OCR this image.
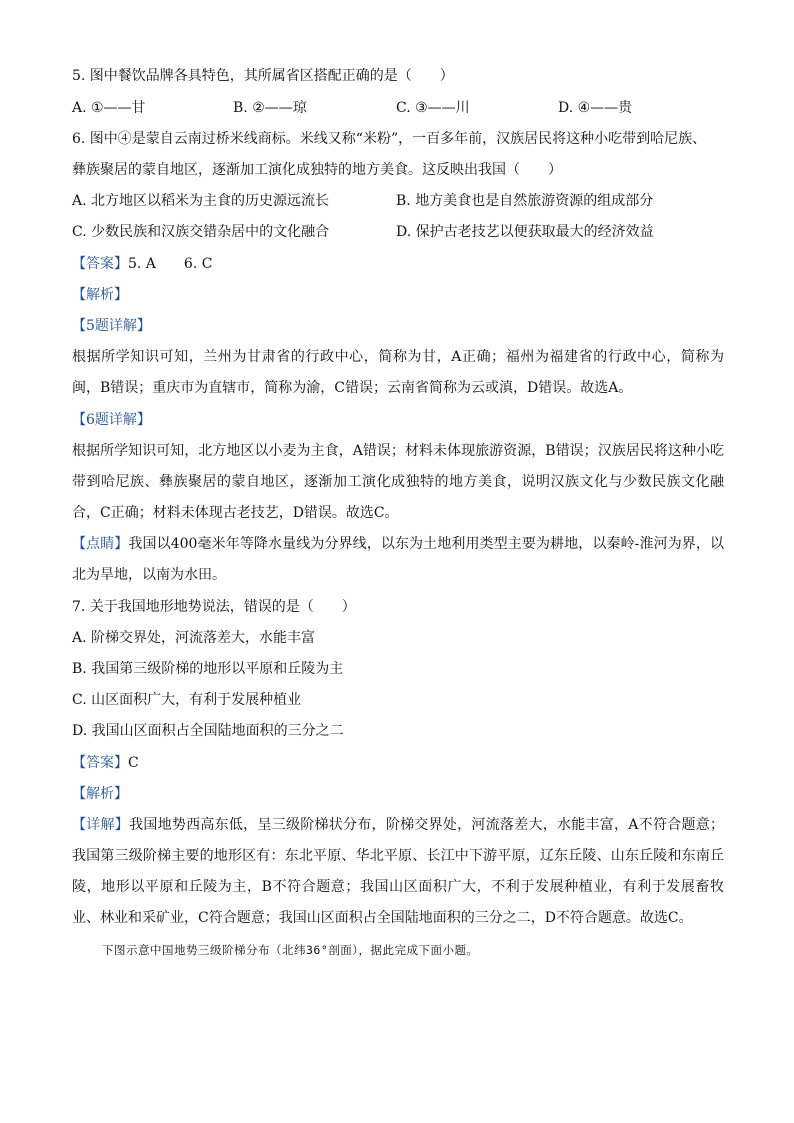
5. 图中餐饮品牌各具特色，其所属省区搭配正确的是（　　）
A. ①——甘	B. ②——琼	C. ③——川	D. ④——贵
6. 图中④是蒙自云南过桥米线商标。米线又称“米粉”，一百多年前，汉族居民将这种小吃带到哈尼族、
彝族聚居的蒙自地区，逐渐加工演化成独特的地方美食。这反映出我国（　　）
A. 北方地区以稻米为主食的历史源远流长	B. 地方美食也是自然旅游资源的组成部分
C. 少数民族和汉族交错杂居中的文化融合	D. 保护古老技艺以便获取最大的经济效益
【答案】5. A　　6. C
【解析】
【5题详解】
根据所学知识可知，兰州为甘肃省的行政中心，简称为甘，A正确；福州为福建省的行政中心，简称为闽，B错误；重庆市为直辖市，简称为渝，C错误；云南省简称为云或滇，D错误。故选A。
【6题详解】
根据所学知识可知，北方地区以小麦为主食，A错误；材料未体现旅游资源，B错误；汉族居民将这种小吃带到哈尼族、彝族聚居的蒙自地区，逐渐加工演化成独特的地方美食，说明汉族文化与少数民族文化融合，C正确；材料未体现古老技艺，D错误。故选C。
【点睛】我国以400毫米年等降水量线为分界线，以东为土地利用类型主要为耕地，以秦岭-淮河为界，以北为旱地，以南为水田。
7. 关于我国地形地势说法，错误的是（　　）
A. 阶梯交界处，河流落差大，水能丰富
B. 我国第三级阶梯的地形以平原和丘陵为主
C. 山区面积广大，有利于发展种植业
D. 我国山区面积占全国陆地面积的三分之二
【答案】C
【解析】
【详解】我国地势西高东低，呈三级阶梯状分布，阶梯交界处，河流落差大，水能丰富，A不符合题意；我国第三级阶梯主要的地形区有：东北平原、华北平原、长江中下游平原，辽东丘陵、山东丘陵和东南丘陵，地形以平原和丘陵为主，B不符合题意；我国山区面积广大，不利于发展种植业，有利于发展畜牧业、林业和采矿业，C符合题意；我国山区面积占全国陆地面积的三分之二，D不符合题意。故选C。
下图示意中国地势三级阶梯分布（北纬36°剖面），据此完成下面小题。
